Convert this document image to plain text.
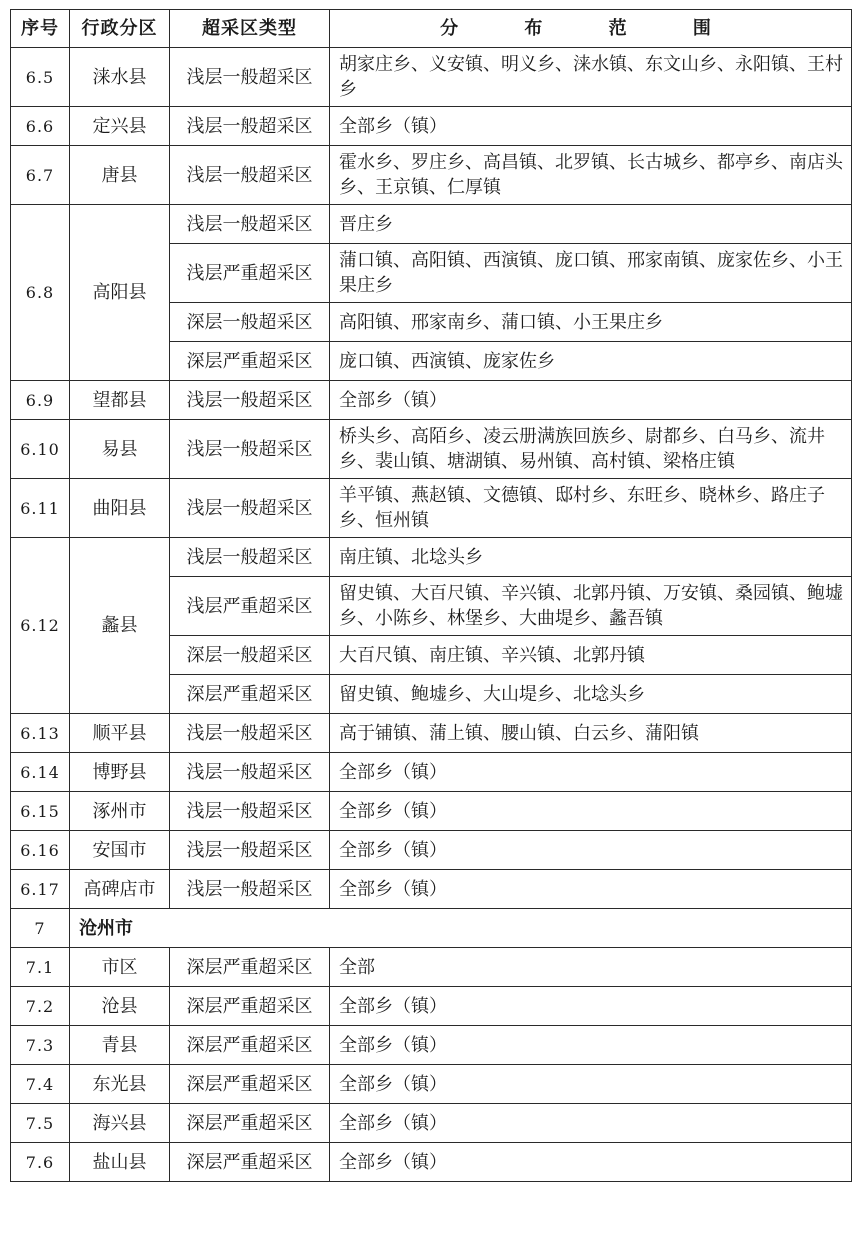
序号	行政分区	超采区类型	分 布 范 围
6.5	涞水县	浅层一般超采区	胡家庄乡、义安镇、明义乡、涞水镇、东文山乡、永阳镇、王村乡
6.6	定兴县	浅层一般超采区	全部乡（镇）
6.7	唐县	浅层一般超采区	霍水乡、罗庄乡、高昌镇、北罗镇、长古城乡、都亭乡、南店头乡、王京镇、仁厚镇
6.8	高阳县	浅层一般超采区	晋庄乡
		浅层严重超采区	蒲口镇、高阳镇、西演镇、庞口镇、邢家南镇、庞家佐乡、小王果庄乡
		深层一般超采区	高阳镇、邢家南乡、蒲口镇、小王果庄乡
		深层严重超采区	庞口镇、西演镇、庞家佐乡
6.9	望都县	浅层一般超采区	全部乡（镇）
6.10	易县	浅层一般超采区	桥头乡、高陌乡、凌云册满族回族乡、尉都乡、白马乡、流井乡、裴山镇、塘湖镇、易州镇、高村镇、梁格庄镇
6.11	曲阳县	浅层一般超采区	羊平镇、燕赵镇、文德镇、邸村乡、东旺乡、晓林乡、路庄子乡、恒州镇
6.12	蠡县	浅层一般超采区	南庄镇、北埝头乡
		浅层严重超采区	留史镇、大百尺镇、辛兴镇、北郭丹镇、万安镇、桑园镇、鲍墟乡、小陈乡、林堡乡、大曲堤乡、蠡吾镇
		深层一般超采区	大百尺镇、南庄镇、辛兴镇、北郭丹镇
		深层严重超采区	留史镇、鲍墟乡、大山堤乡、北埝头乡
6.13	顺平县	浅层一般超采区	高于铺镇、蒲上镇、腰山镇、白云乡、蒲阳镇
6.14	博野县	浅层一般超采区	全部乡（镇）
6.15	涿州市	浅层一般超采区	全部乡（镇）
6.16	安国市	浅层一般超采区	全部乡（镇）
6.17	高碑店市	浅层一般超采区	全部乡（镇）
7	沧州市		
7.1	市区	深层严重超采区	全部
7.2	沧县	深层严重超采区	全部乡（镇）
7.3	青县	深层严重超采区	全部乡（镇）
7.4	东光县	深层严重超采区	全部乡（镇）
7.5	海兴县	深层严重超采区	全部乡（镇）
7.6	盐山县	深层严重超采区	全部乡（镇）
